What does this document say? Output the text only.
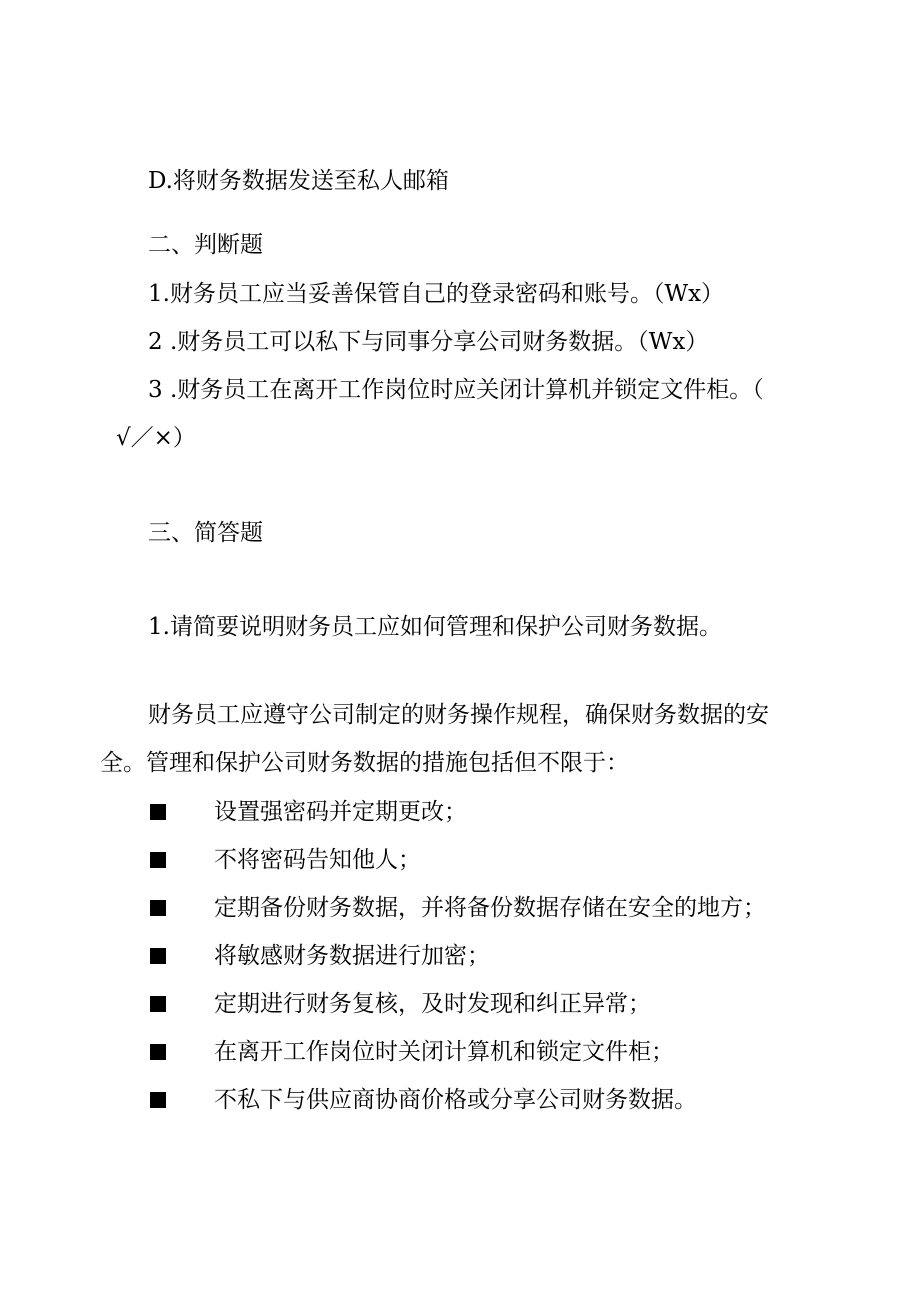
D.将财务数据发送至私人邮箱
二、判断题
1.财务员工应当妥善保管自己的登录密码和账号。（Wx）
2 .财务员工可以私下与同事分享公司财务数据。（Wx）
3 .财务员工在离开工作岗位时应关闭计算机并锁定文件柜。（
√／×）
三、简答题
1.请简要说明财务员工应如何管理和保护公司财务数据。
财务员工应遵守公司制定的财务操作规程，确保财务数据的安
全。管理和保护公司财务数据的措施包括但不限于：
设置强密码并定期更改；
不将密码告知他人；
定期备份财务数据，并将备份数据存储在安全的地方；
将敏感财务数据进行加密；
定期进行财务复核，及时发现和纠正异常；
在离开工作岗位时关闭计算机和锁定文件柜；
不私下与供应商协商价格或分享公司财务数据。
